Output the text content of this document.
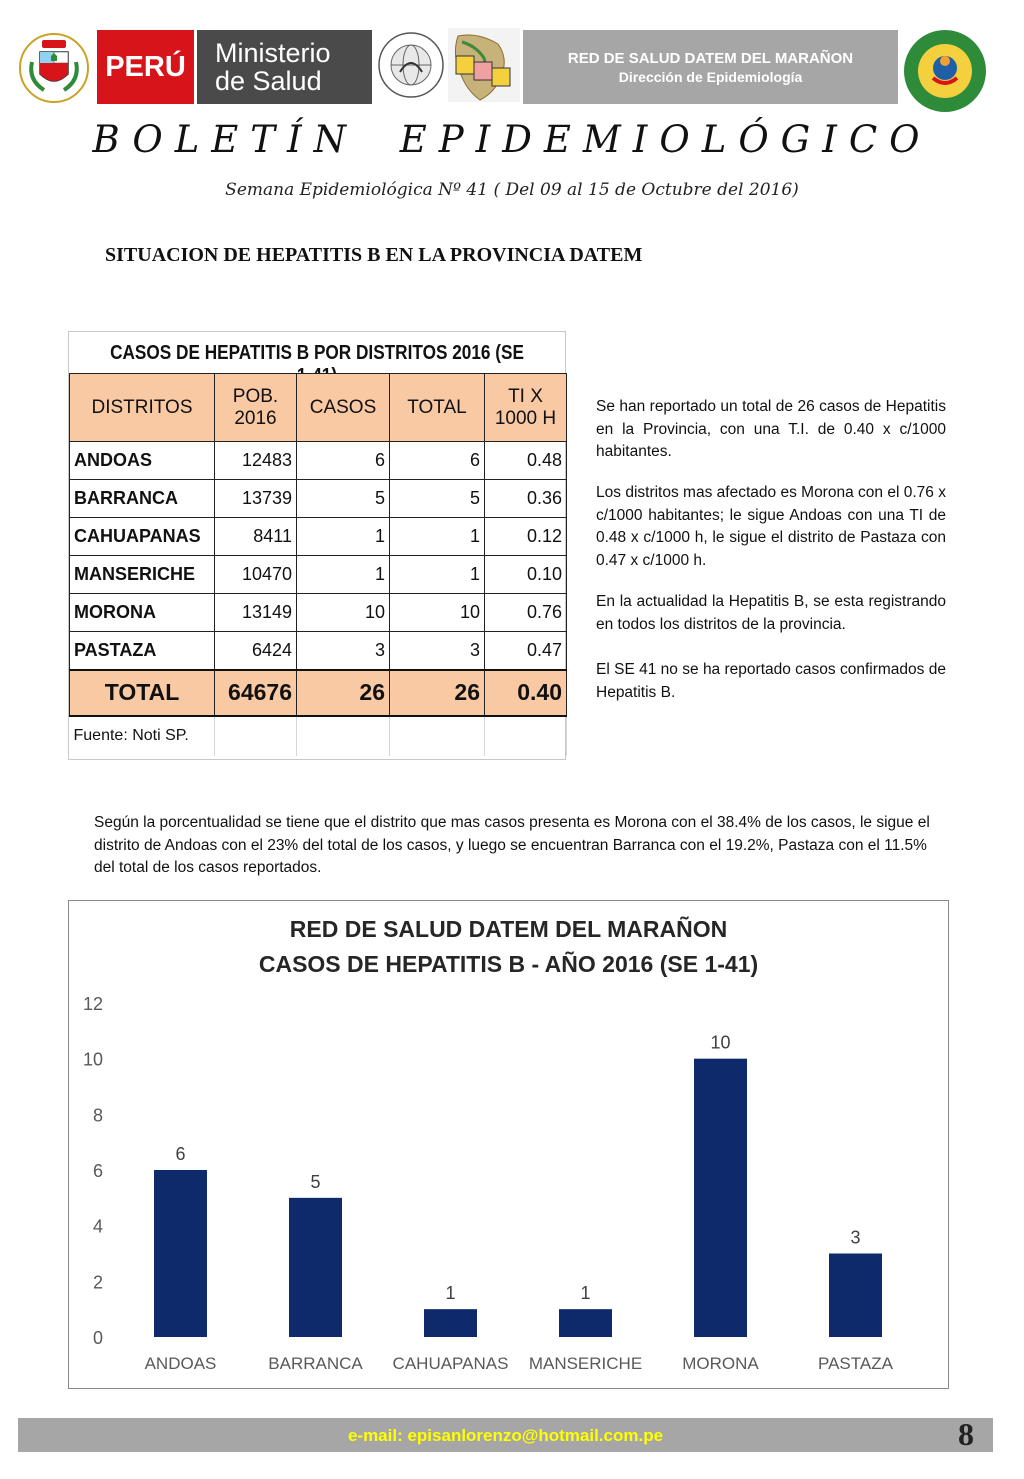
PERÚ	Ministerio
de Salud
RED DE SALUD DATEM DEL MARAÑON
Dirección de Epidemiología
BOLETÍN EPIDEMIOLÓGICO
Semana Epidemiológica Nº 41 ( Del 09 al 15 de Octubre del 2016)
SITUACION DE HEPATITIS B EN LA PROVINCIA DATEM
CASOS DE HEPATITIS B POR DISTRITOS 2016 (SE
DISTRITOS	POB. 2016	CASOS	TOTAL	TI X 1000 H
ANDOAS	12483	6	6	0.48
BARRANCA	13739	5	5	0.36
CAHUAPANAS	8411	1	1	0.12
MANSERICHE	10470	1	1	0.10
MORONA	13149	10	10	0.76
PASTAZA	6424	3	3	0.47
TOTAL	64676	26	26	0.40
Fuente: Noti SP.				
Se han reportado un total de 26 casos de Hepatitis en la Provincia, con una T.I. de 0.40 x c/1000 habitantes.
Los distritos mas afectado es Morona con el 0.76 x c/1000 habitantes; le sigue Andoas con una TI de 0.48 x c/1000 h, le sigue el distrito de Pastaza con 0.47 x c/1000 h.
En la actualidad la Hepatitis B, se esta registrando en todos los distritos de la provincia.
El SE 41 no se ha reportado casos confirmados de Hepatitis B.
Según la porcentualidad se tiene que el distrito que mas casos presenta es Morona con el 38.4% de los casos, le sigue el distrito de Andoas con el 23% del total de los casos, y luego se encuentran Barranca con el 19.2%, Pastaza con el 11.5% del total de los casos reportados.
RED DE SALUD DATEM DEL MARAÑON
CASOS DE HEPATITIS B - AÑO 2016 (SE 1-41)
0
2
4
6
8
10
12
6
ANDOAS
5
BARRANCA
1
CAHUAPANAS
1
MANSERICHE
10
MORONA
3
PASTAZA
e-mail: episanlorenzo@hotmail.com.pe	8
